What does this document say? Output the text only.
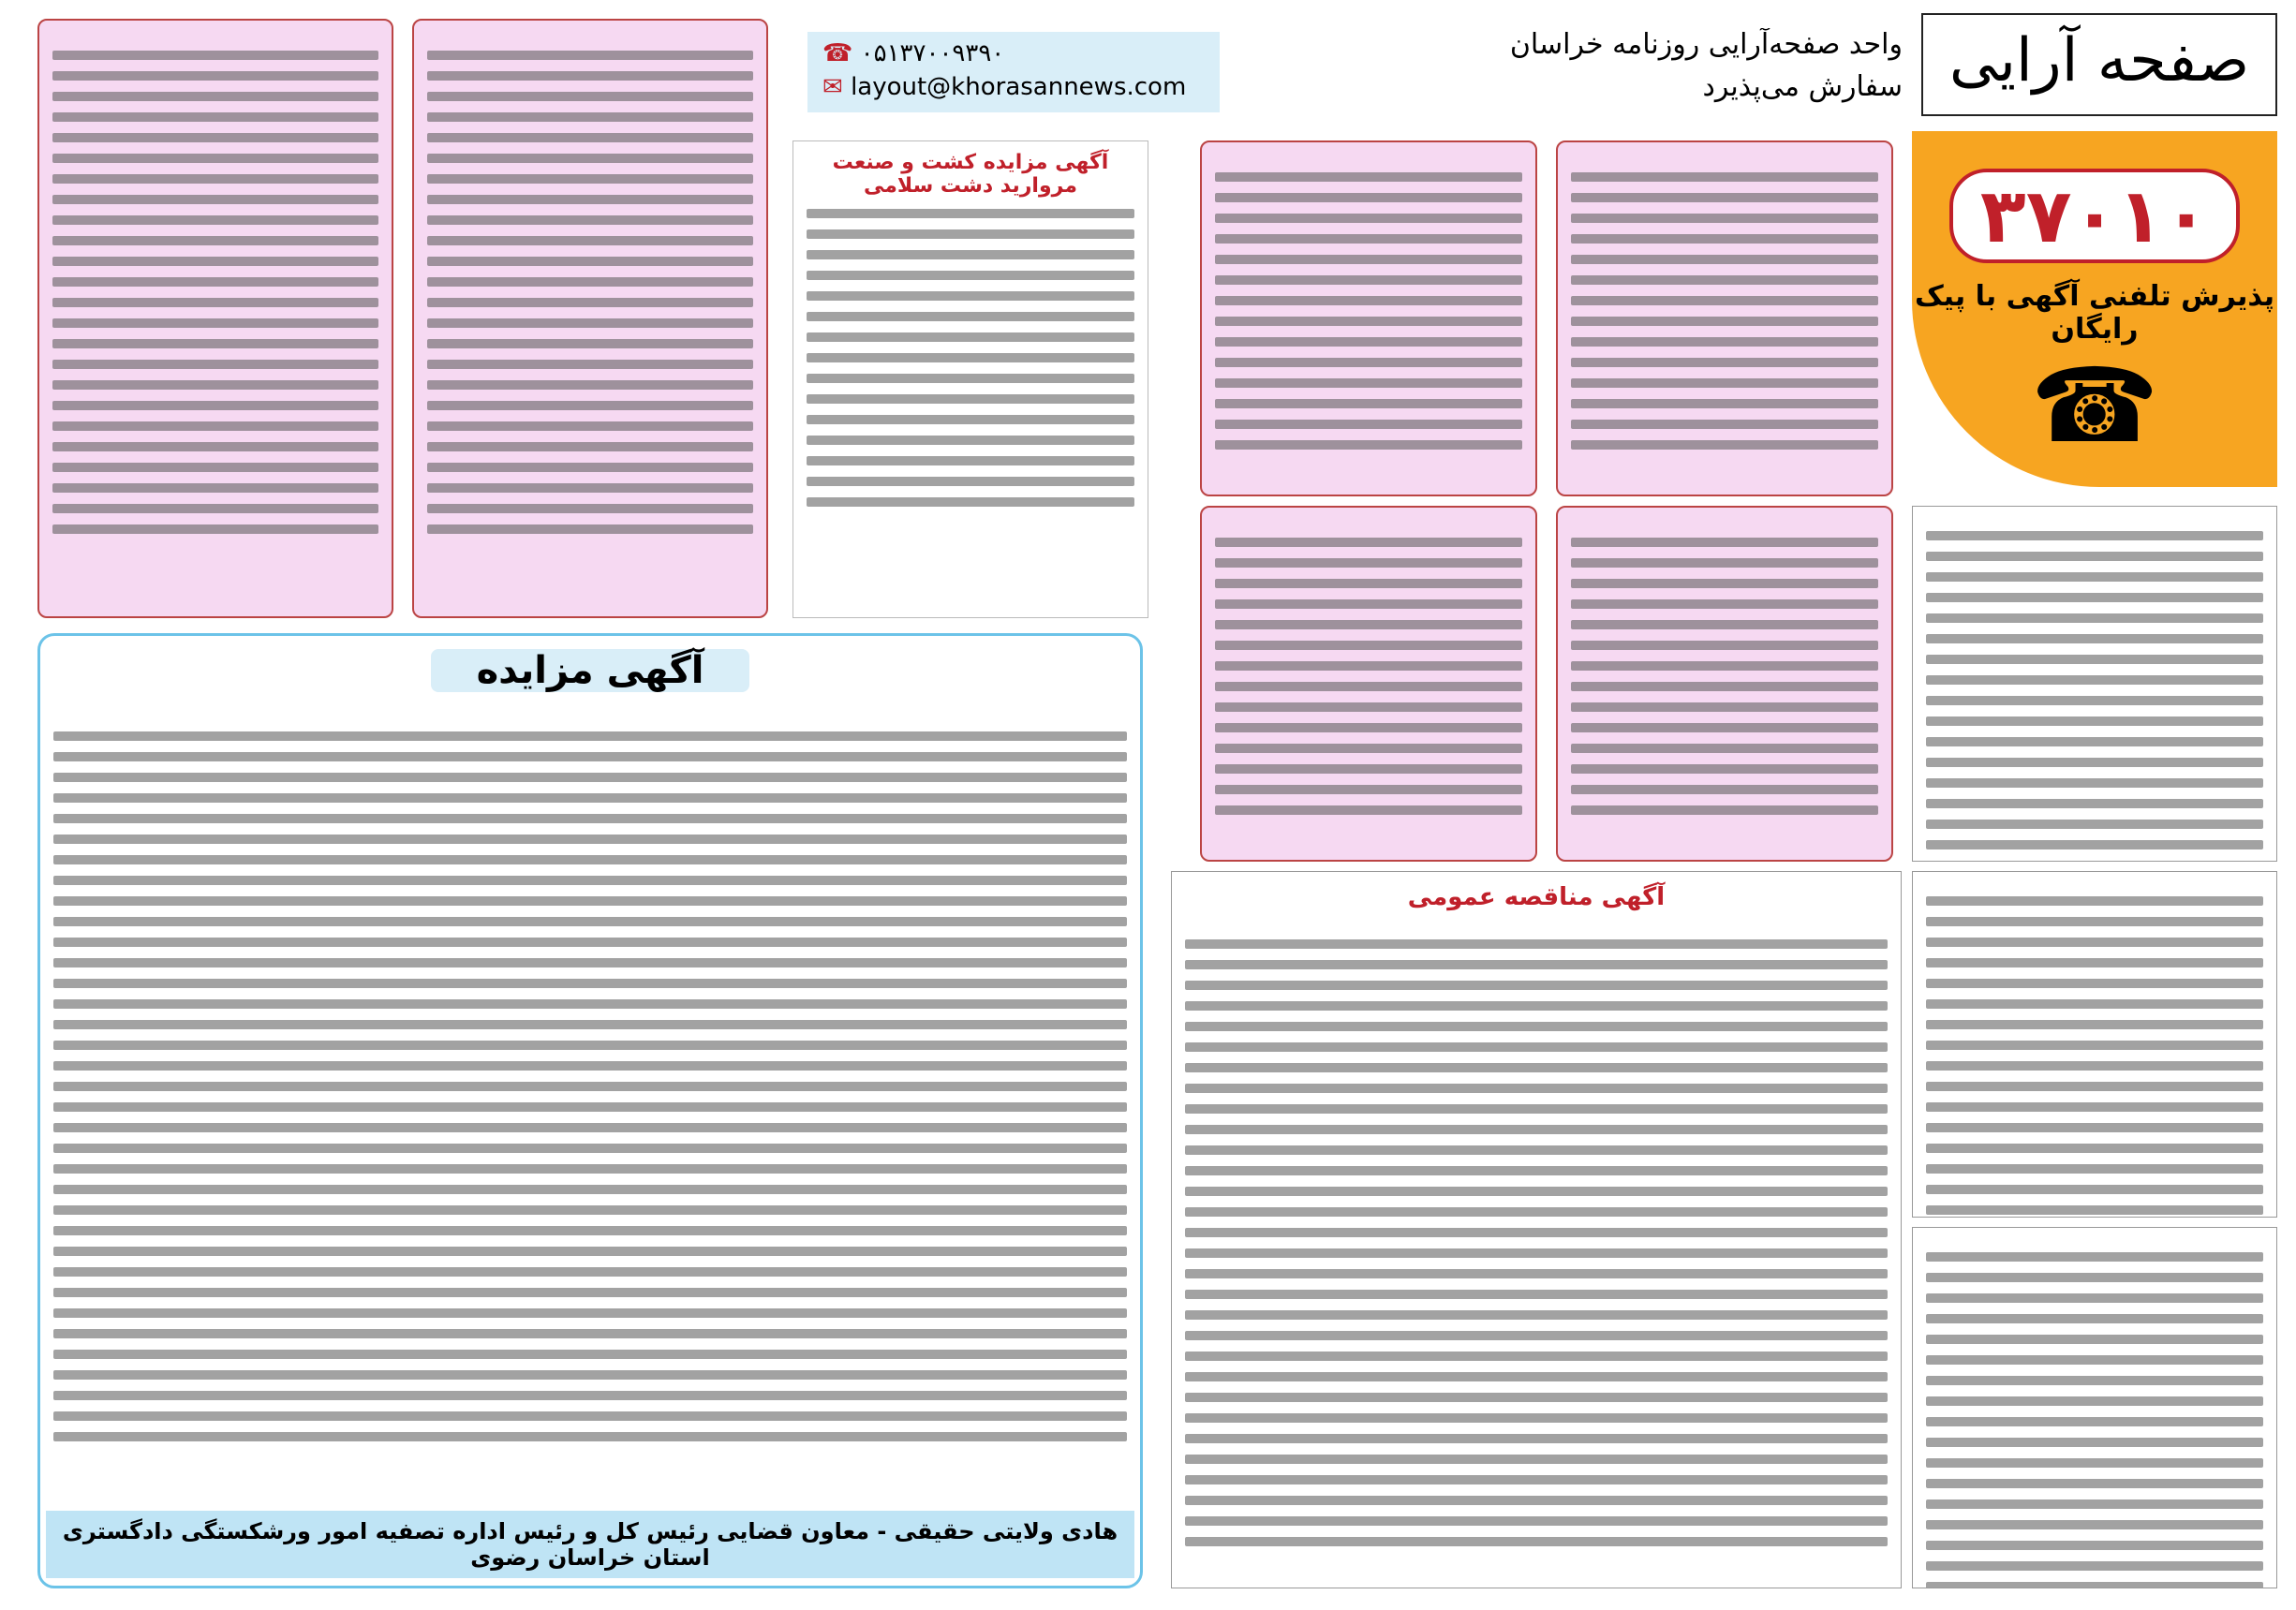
صفحه آرایی
واحد صفحه‌آرایی روزنامه خراسان
سفارش می‌پذیرد
☎ ۰۵۱۳۷۰۰۹۳۹۰
✉ layout@khorasannews.com
۳۷۰۱۰
پذیرش تلفنی آگهی با پیک رایگان
☎
آگهی مزایده کشت و صنعت مروارید دشت سلامی
آگهی مزایده
هادی ولایتی حقیقی - معاون قضایی رئیس کل و رئیس اداره تصفیه امور ورشکستگی دادگستری استان خراسان رضوی
آگهی مناقصه عمومی
